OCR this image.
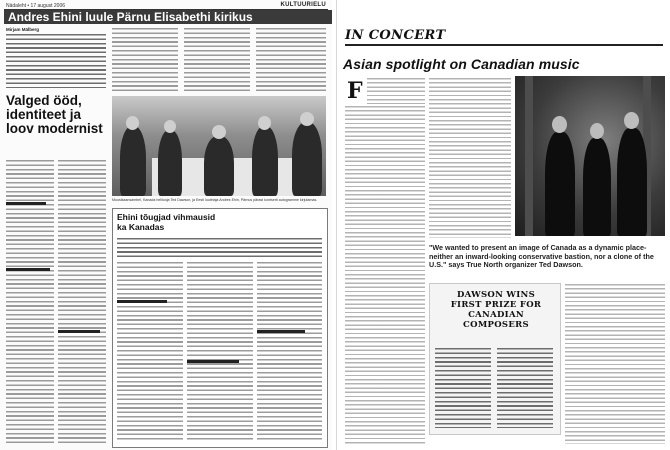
Nädaleht • 17 august 2006	KULTUURIELU
Andres Ehini luule Pärnu Elisabethi kirikus
Mirjam Mälberg
Valged ööd, identiteet ja loov modernist
Muusikaansambel, Kanada helilooja Ted Dawson, ja Eesti luuletaja Andres Ehin, Pärnus pärast kontserti autogramme kirjutamas.
Ehini tõugjad vihmausid ka Kanadas
IN CONCERT
Asian spotlight on Canadian music
F
"We wanted to present an image of Canada as a dynamic place-neither an inward-looking conservative bastion, nor a clone of the U.S." says True North organizer Ted Dawson.
DAWSON WINS FIRST PRIZE FOR CANADIAN COMPOSERS
